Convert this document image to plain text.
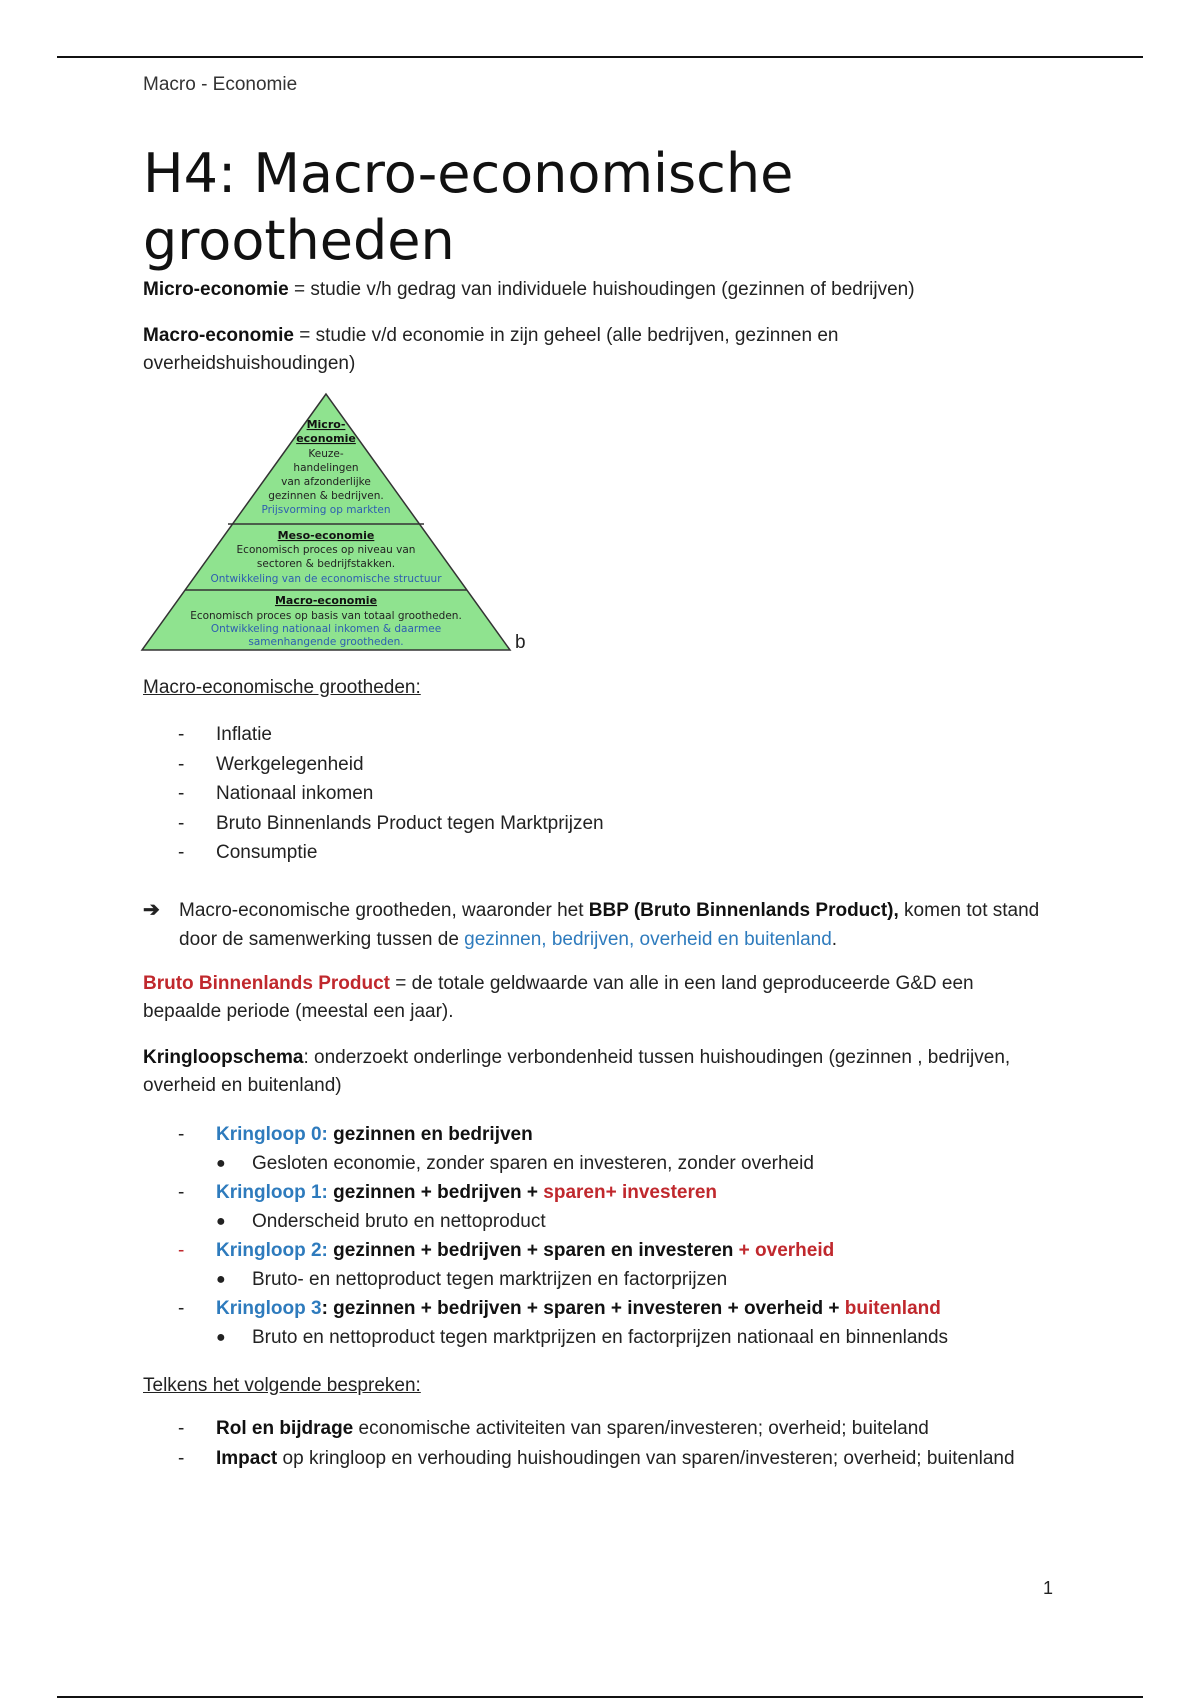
Macro - Economie
H4: Macro-economische grootheden

Micro-economie = studie v/h gedrag van individuele huishoudingen (gezinnen of bedrijven)

Macro-economie = studie v/d economie in zijn geheel (alle bedrijven, gezinnen en overheidshuishoudingen)

Micro-
economie
Keuze-
handelingen
van afzonderlijke
gezinnen & bedrijven.
Prijsvorming op markten
Meso-economie
Economisch proces op niveau van
sectoren & bedrijfstakken.
Ontwikkeling van de economische structuur
Macro-economie
Economisch proces op basis van totaal grootheden.
Ontwikkeling nationaal inkomen & daarmee
samenhangende grootheden.	b

Macro-economische grootheden:

- Inflatie
- Werkgelegenheid
- Nationaal inkomen
- Bruto Binnenlands Product tegen Marktprijzen
- Consumptie
➔	Macro-economische grootheden, waaronder het BBP (Bruto Binnenlands Product), komen tot stand door de samenwerking tussen de gezinnen, bedrijven, overheid en buitenland.

Bruto Binnenlands Product = de totale geldwaarde van alle in een land geproduceerde G&D een bepaalde periode (meestal een jaar).

Kringloopschema: onderzoekt onderlinge verbondenheid tussen huishoudingen (gezinnen , bedrijven, overheid en buitenland)

- Kringloop 0: gezinnen en bedrijven
● Gesloten economie, zonder sparen en investeren, zonder overheid
- Kringloop 1: gezinnen + bedrijven + sparen+ investeren
● Onderscheid bruto en nettoproduct
- Kringloop 2: gezinnen + bedrijven + sparen en investeren + overheid
● Bruto- en nettoproduct tegen marktrijzen en factorprijzen
- Kringloop 3: gezinnen + bedrijven + sparen + investeren + overheid + buitenland
● Bruto en nettoproduct tegen marktprijzen en factorprijzen nationaal en binnenlands

Telkens het volgende bespreken:

- Rol en bijdrage economische activiteiten van sparen/investeren; overheid; buiteland
- Impact op kringloop en verhouding huishoudingen van sparen/investeren; overheid; buitenland
1
